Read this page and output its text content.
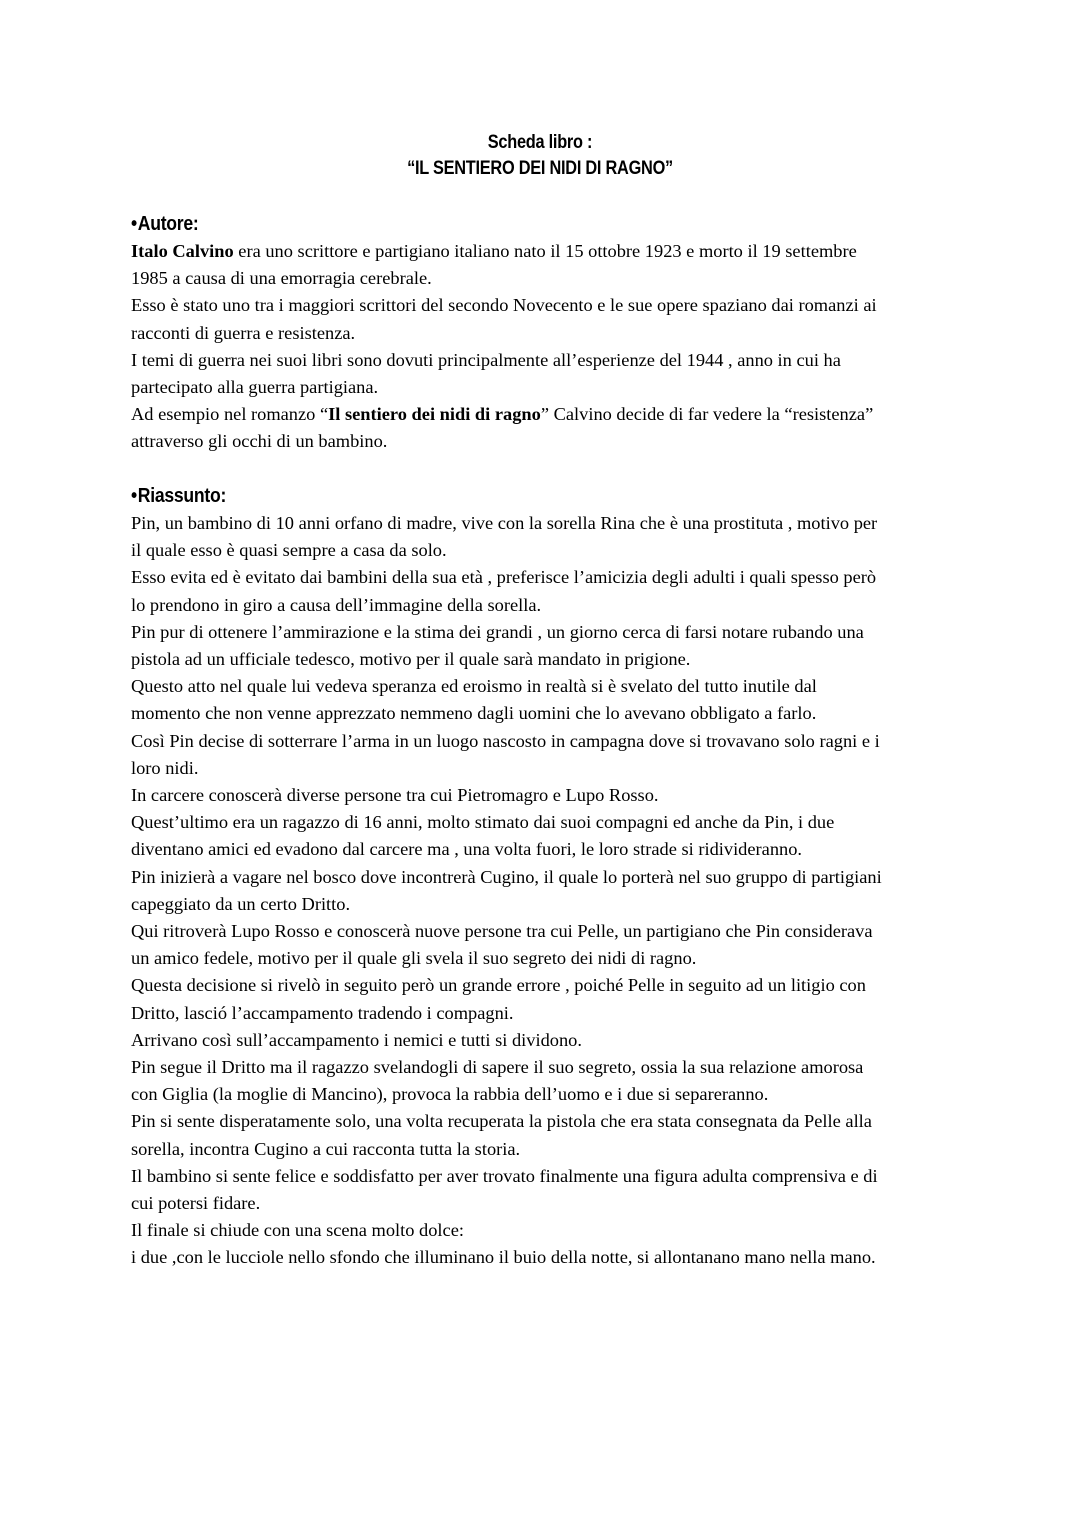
Scheda libro :
“IL SENTIERO DEI NIDI DI RAGNO”
•Autore:
Italo Calvino era uno scrittore e partigiano italiano nato il 15 ottobre 1923 e morto il 19 settembre
1985 a causa di una emorragia cerebrale.
Esso è stato uno tra i maggiori scrittori del secondo Novecento e le sue opere spaziano dai romanzi ai
racconti di guerra e resistenza.
I temi di guerra nei suoi libri sono dovuti principalmente all’esperienze del 1944 , anno in cui ha
partecipato alla guerra partigiana.
Ad esempio nel romanzo “Il sentiero dei nidi di ragno” Calvino decide di far vedere la “resistenza”
attraverso gli occhi di un bambino.
•Riassunto:
Pin, un bambino di 10 anni orfano di madre, vive con la sorella Rina che è una prostituta , motivo per
il quale esso è quasi sempre a casa da solo.
Esso evita ed è evitato dai bambini della sua età , preferisce l’amicizia degli adulti i quali spesso però
lo prendono in giro a causa dell’immagine della sorella.
Pin pur di ottenere l’ammirazione e la stima dei grandi , un giorno cerca di farsi notare rubando una
pistola ad un ufficiale tedesco, motivo per il quale sarà mandato in prigione.
Questo atto nel quale lui vedeva speranza ed eroismo in realtà si è svelato del tutto inutile dal
momento che non venne apprezzato nemmeno dagli uomini che lo avevano obbligato a farlo.
Così Pin decise di sotterrare l’arma in un luogo nascosto in campagna dove si trovavano solo ragni e i
loro nidi.
In carcere conoscerà diverse persone tra cui Pietromagro e Lupo Rosso.
Quest’ultimo era un ragazzo di 16 anni, molto stimato dai suoi compagni ed anche da Pin, i due
diventano amici ed evadono dal carcere ma , una volta fuori, le loro strade si ridivideranno.
Pin inizierà a vagare nel bosco dove incontrerà Cugino, il quale lo porterà nel suo gruppo di partigiani
capeggiato da un certo Dritto.
Qui ritroverà Lupo Rosso e conoscerà nuove persone tra cui Pelle, un partigiano che Pin considerava
un amico fedele, motivo per il quale gli svela il suo segreto dei nidi di ragno.
Questa decisione si rivelò in seguito però un grande errore , poiché Pelle in seguito ad un litigio con
Dritto, lasció l’accampamento tradendo i compagni.
Arrivano così sull’accampamento i nemici e tutti si dividono.
Pin segue il Dritto ma il ragazzo svelandogli di sapere il suo segreto, ossia la sua relazione amorosa
con Giglia (la moglie di Mancino), provoca la rabbia dell’uomo e i due si separeranno.
Pin si sente disperatamente solo, una volta recuperata la pistola che era stata consegnata da Pelle alla
sorella, incontra Cugino a cui racconta tutta la storia.
Il bambino si sente felice e soddisfatto per aver trovato finalmente una figura adulta comprensiva e di
cui potersi fidare.
Il finale si chiude con una scena molto dolce:
i due ,con le lucciole nello sfondo che illuminano il buio della notte, si allontanano mano nella mano.
